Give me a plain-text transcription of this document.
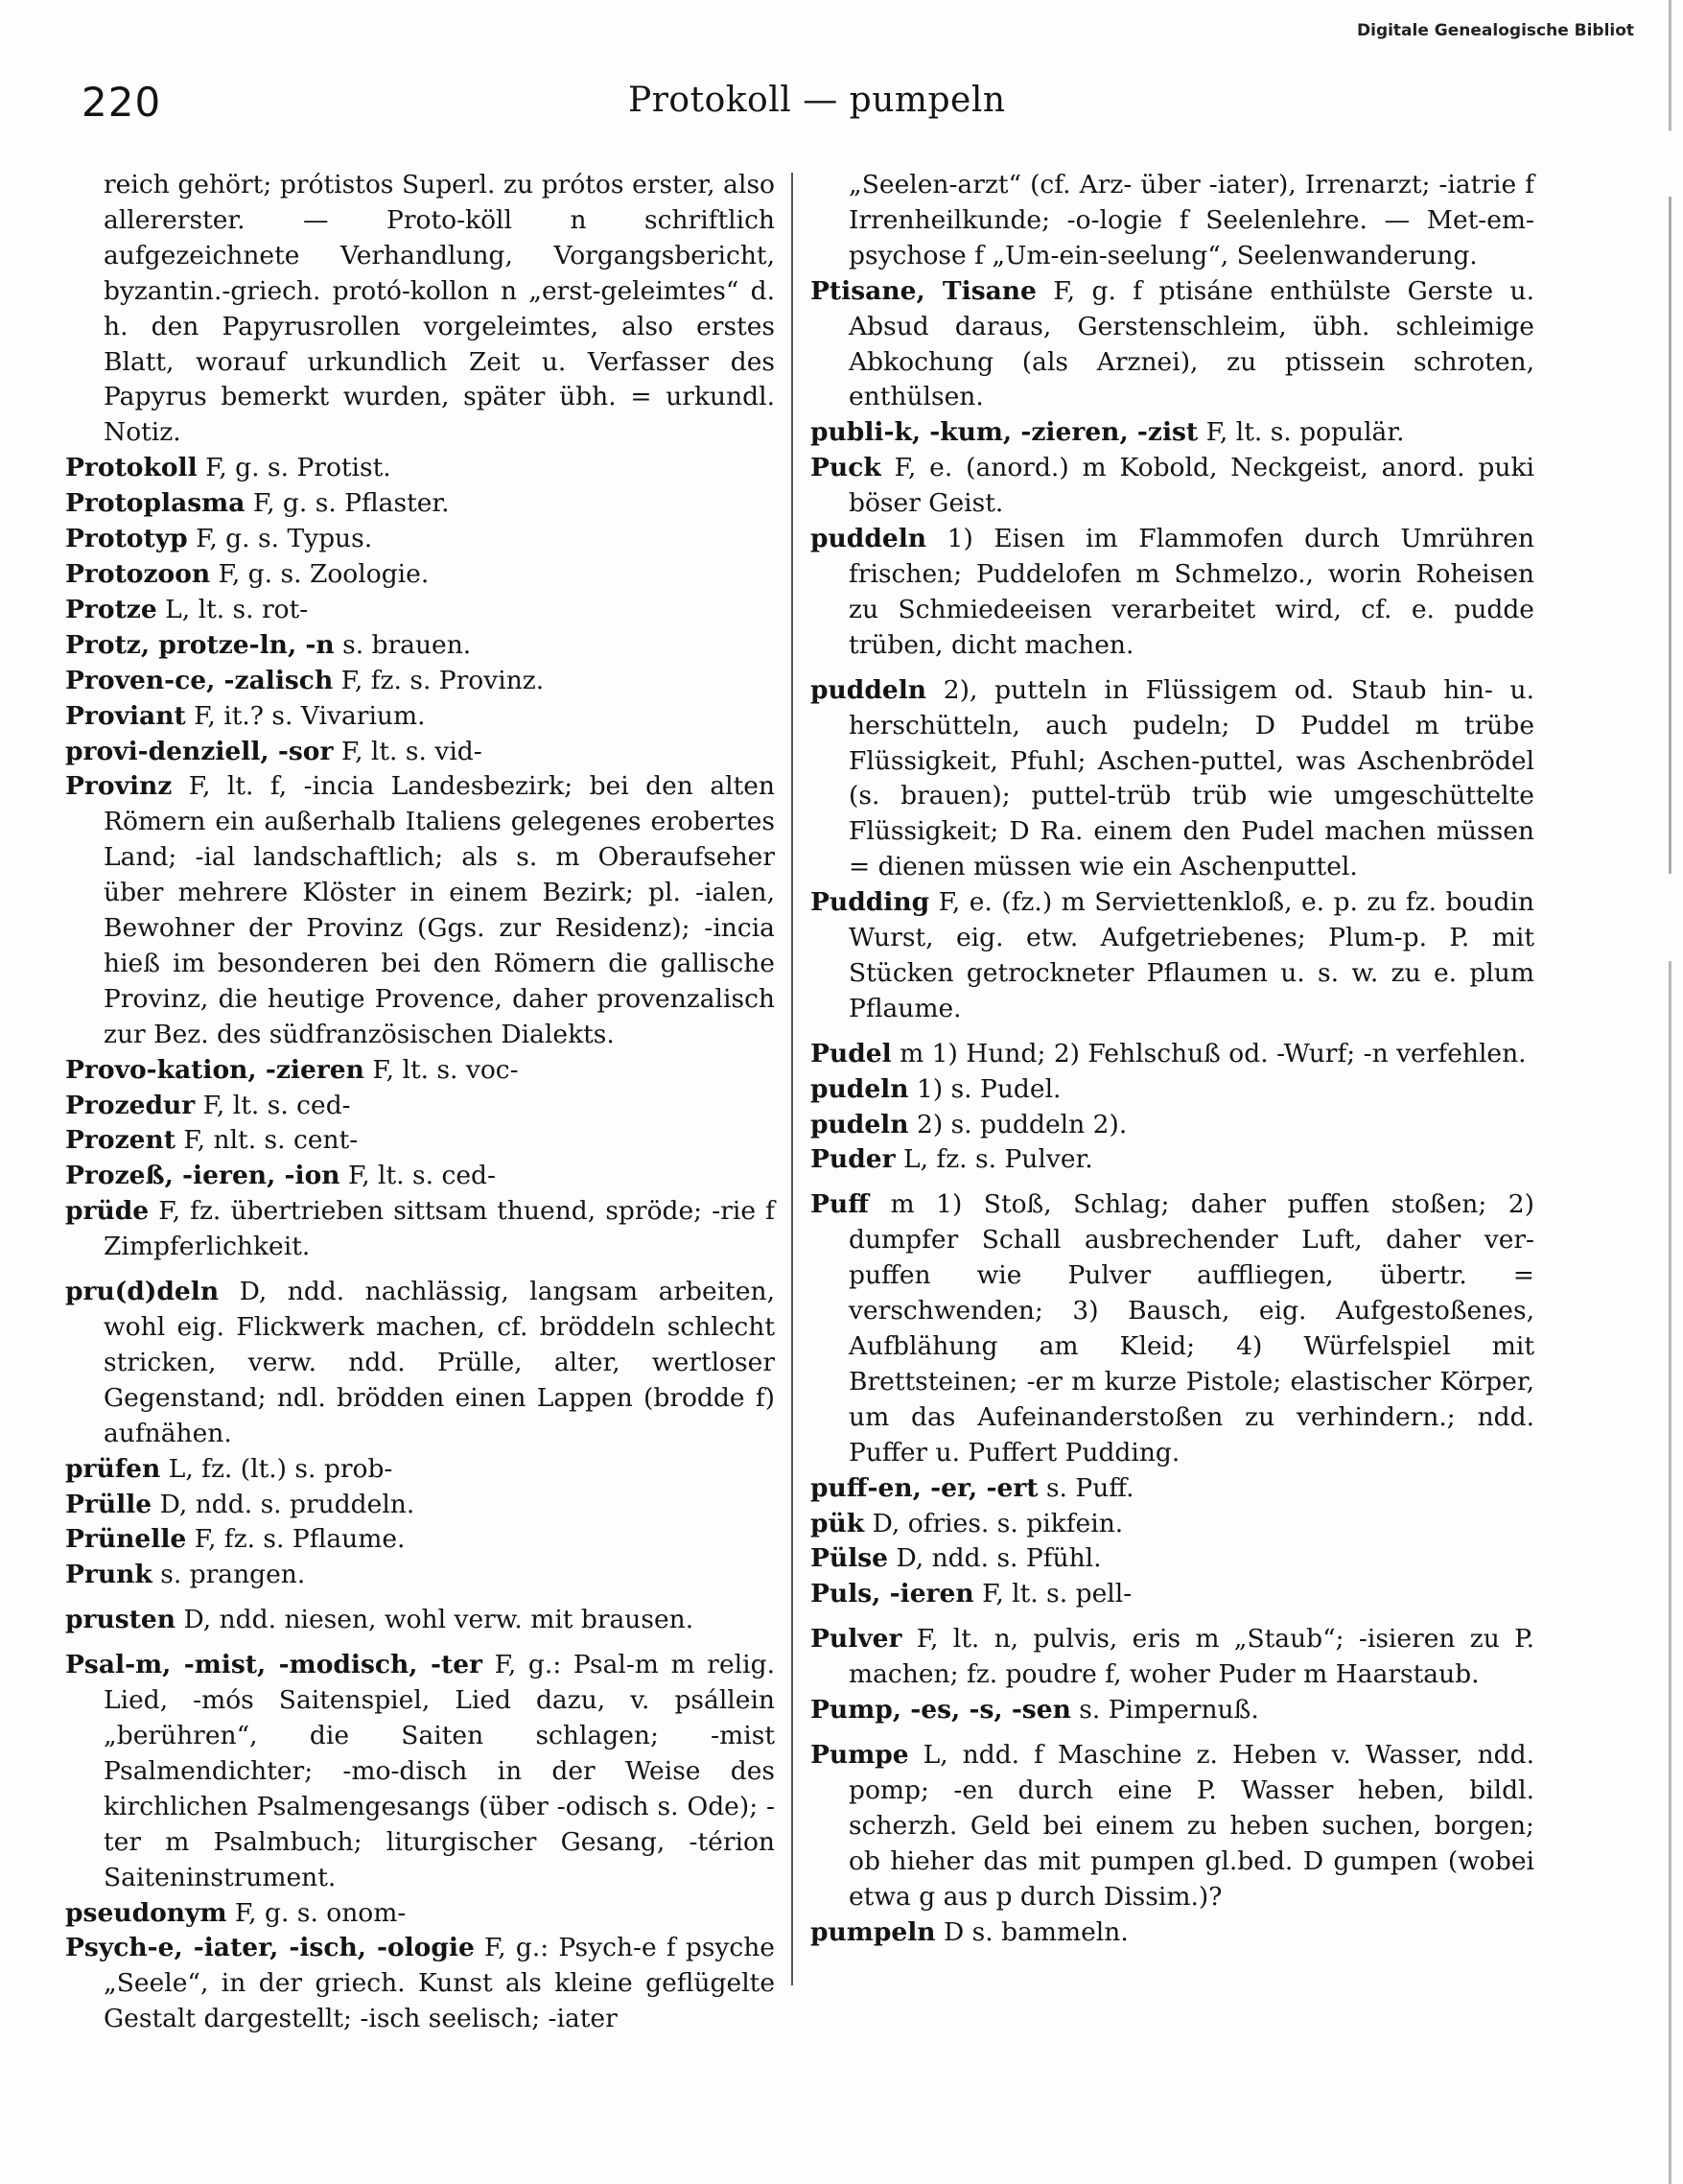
Digitale Genealogische Bibliot
220	Protokoll — pumpeln

reich gehört; prótistos Superl. zu prótos erster, also allererster. — Proto-köll n schriftlich aufgezeichnete Verhandlung, Vorgangsbericht, byzantin.-griech. protó-kollon n „erst-geleimtes“ d. h. den Papyrusrollen vorgeleimtes, also erstes Blatt, worauf urkundlich Zeit u. Verfasser des Papyrus bemerkt wurden, später übh. = urkundl. Notiz.

Protokoll F, g. s. Protist.

Protoplasma F, g. s. Pflaster.

Prototyp F, g. s. Typus.

Protozoon F, g. s. Zoologie.

Protze L, lt. s. rot-

Protz, protze-ln, -n s. brauen.

Proven-ce, -zalisch F, fz. s. Provinz.

Proviant F, it.? s. Vivarium.

provi-denziell, -sor F, lt. s. vid-

Provinz F, lt. f, -incia Landesbezirk; bei den alten Römern ein außerhalb Italiens gelegenes erobertes Land; -ial landschaftlich; als s. m Oberaufseher über mehrere Klöster in einem Bezirk; pl. -ialen, Bewohner der Provinz (Ggs. zur Residenz); -incia hieß im besonderen bei den Römern die gallische Provinz, die heutige Provence, daher provenzalisch zur Bez. des südfranzösischen Dialekts.

Provo-kation, -zieren F, lt. s. voc-

Prozedur F, lt. s. ced-

Prozent F, nlt. s. cent-

Prozeß, -ieren, -ion F, lt. s. ced-

prüde F, fz. übertrieben sittsam thuend, spröde; -rie f Zimpferlichkeit.

pru(d)deln D, ndd. nachlässig, langsam arbeiten, wohl eig. Flickwerk machen, cf. bröddeln schlecht stricken, verw. ndd. Prülle, alter, wertloser Gegenstand; ndl. brödden einen Lappen (brodde f) aufnähen.

prüfen L, fz. (lt.) s. prob-

Prülle D, ndd. s. pruddeln.

Prünelle F, fz. s. Pflaume.

Prunk s. prangen.

prusten D, ndd. niesen, wohl verw. mit brausen.

Psal-m, -mist, -modisch, -ter F, g.: Psal-m m relig. Lied, -mós Saitenspiel, Lied dazu, v. psállein „berühren“, die Saiten schlagen; -mist Psalmendichter; -mo-disch in der Weise des kirchlichen Psalmengesangs (über -odisch s. Ode); -ter m Psalmbuch; liturgischer Gesang, -térion Saiteninstrument.

pseudonym F, g. s. onom-

Psych-e, -iater, -isch, -ologie F, g.: Psych-e f psyche „Seele“, in der griech. Kunst als kleine geflügelte Gestalt dargestellt; -isch seelisch; -iater

„Seelen-arzt“ (cf. Arz- über -iater), Irrenarzt; -iatrie f Irrenheilkunde; -o-logie f Seelenlehre. — Met-em-psychose f „Um-ein-seelung“, Seelenwanderung.

Ptisane, Tisane F, g. f ptisáne enthülste Gerste u. Absud daraus, Gerstenschleim, übh. schleimige Abkochung (als Arznei), zu ptissein schroten, enthülsen.

publi-k, -kum, -zieren, -zist F, lt. s. populär.

Puck F, e. (anord.) m Kobold, Neckgeist, anord. puki böser Geist.

puddeln 1) Eisen im Flammofen durch Umrühren frischen; Puddelofen m Schmelzo., worin Roheisen zu Schmiedeeisen verarbeitet wird, cf. e. pudde trüben, dicht machen.

puddeln 2), putteln in Flüssigem od. Staub hin- u. herschütteln, auch pudeln; D Puddel m trübe Flüssigkeit, Pfuhl; Aschen-puttel, was Aschenbrödel (s. brauen); puttel-trüb trüb wie umgeschüttelte Flüssigkeit; D Ra. einem den Pudel machen müssen = dienen müssen wie ein Aschenputtel.

Pudding F, e. (fz.) m Serviettenkloß, e. p. zu fz. boudin Wurst, eig. etw. Aufgetriebenes; Plum-p. P. mit Stücken getrockneter Pflaumen u. s. w. zu e. plum Pflaume.

Pudel m 1) Hund; 2) Fehlschuß od. -Wurf; -n verfehlen.

pudeln 1) s. Pudel.

pudeln 2) s. puddeln 2).

Puder L, fz. s. Pulver.

Puff m 1) Stoß, Schlag; daher puffen stoßen; 2) dumpfer Schall ausbrechender Luft, daher ver-puffen wie Pulver auffliegen, übertr. = verschwenden; 3) Bausch, eig. Aufgestoßenes, Aufblähung am Kleid; 4) Würfelspiel mit Brettsteinen; -er m kurze Pistole; elastischer Körper, um das Aufeinanderstoßen zu verhindern.; ndd. Puffer u. Puffert Pudding.

puff-en, -er, -ert s. Puff.

pük D, ofries. s. pikfein.

Pülse D, ndd. s. Pfühl.

Puls, -ieren F, lt. s. pell-

Pulver F, lt. n, pulvis, eris m „Staub“; -isieren zu P. machen; fz. poudre f, woher Puder m Haarstaub.

Pump, -es, -s, -sen s. Pimpernuß.

Pumpe L, ndd. f Maschine z. Heben v. Wasser, ndd. pomp; -en durch eine P. Wasser heben, bildl. scherzh. Geld bei einem zu heben suchen, borgen; ob hieher das mit pumpen gl.bed. D gumpen (wobei etwa g aus p durch Dissim.)?

pumpeln D s. bammeln.
